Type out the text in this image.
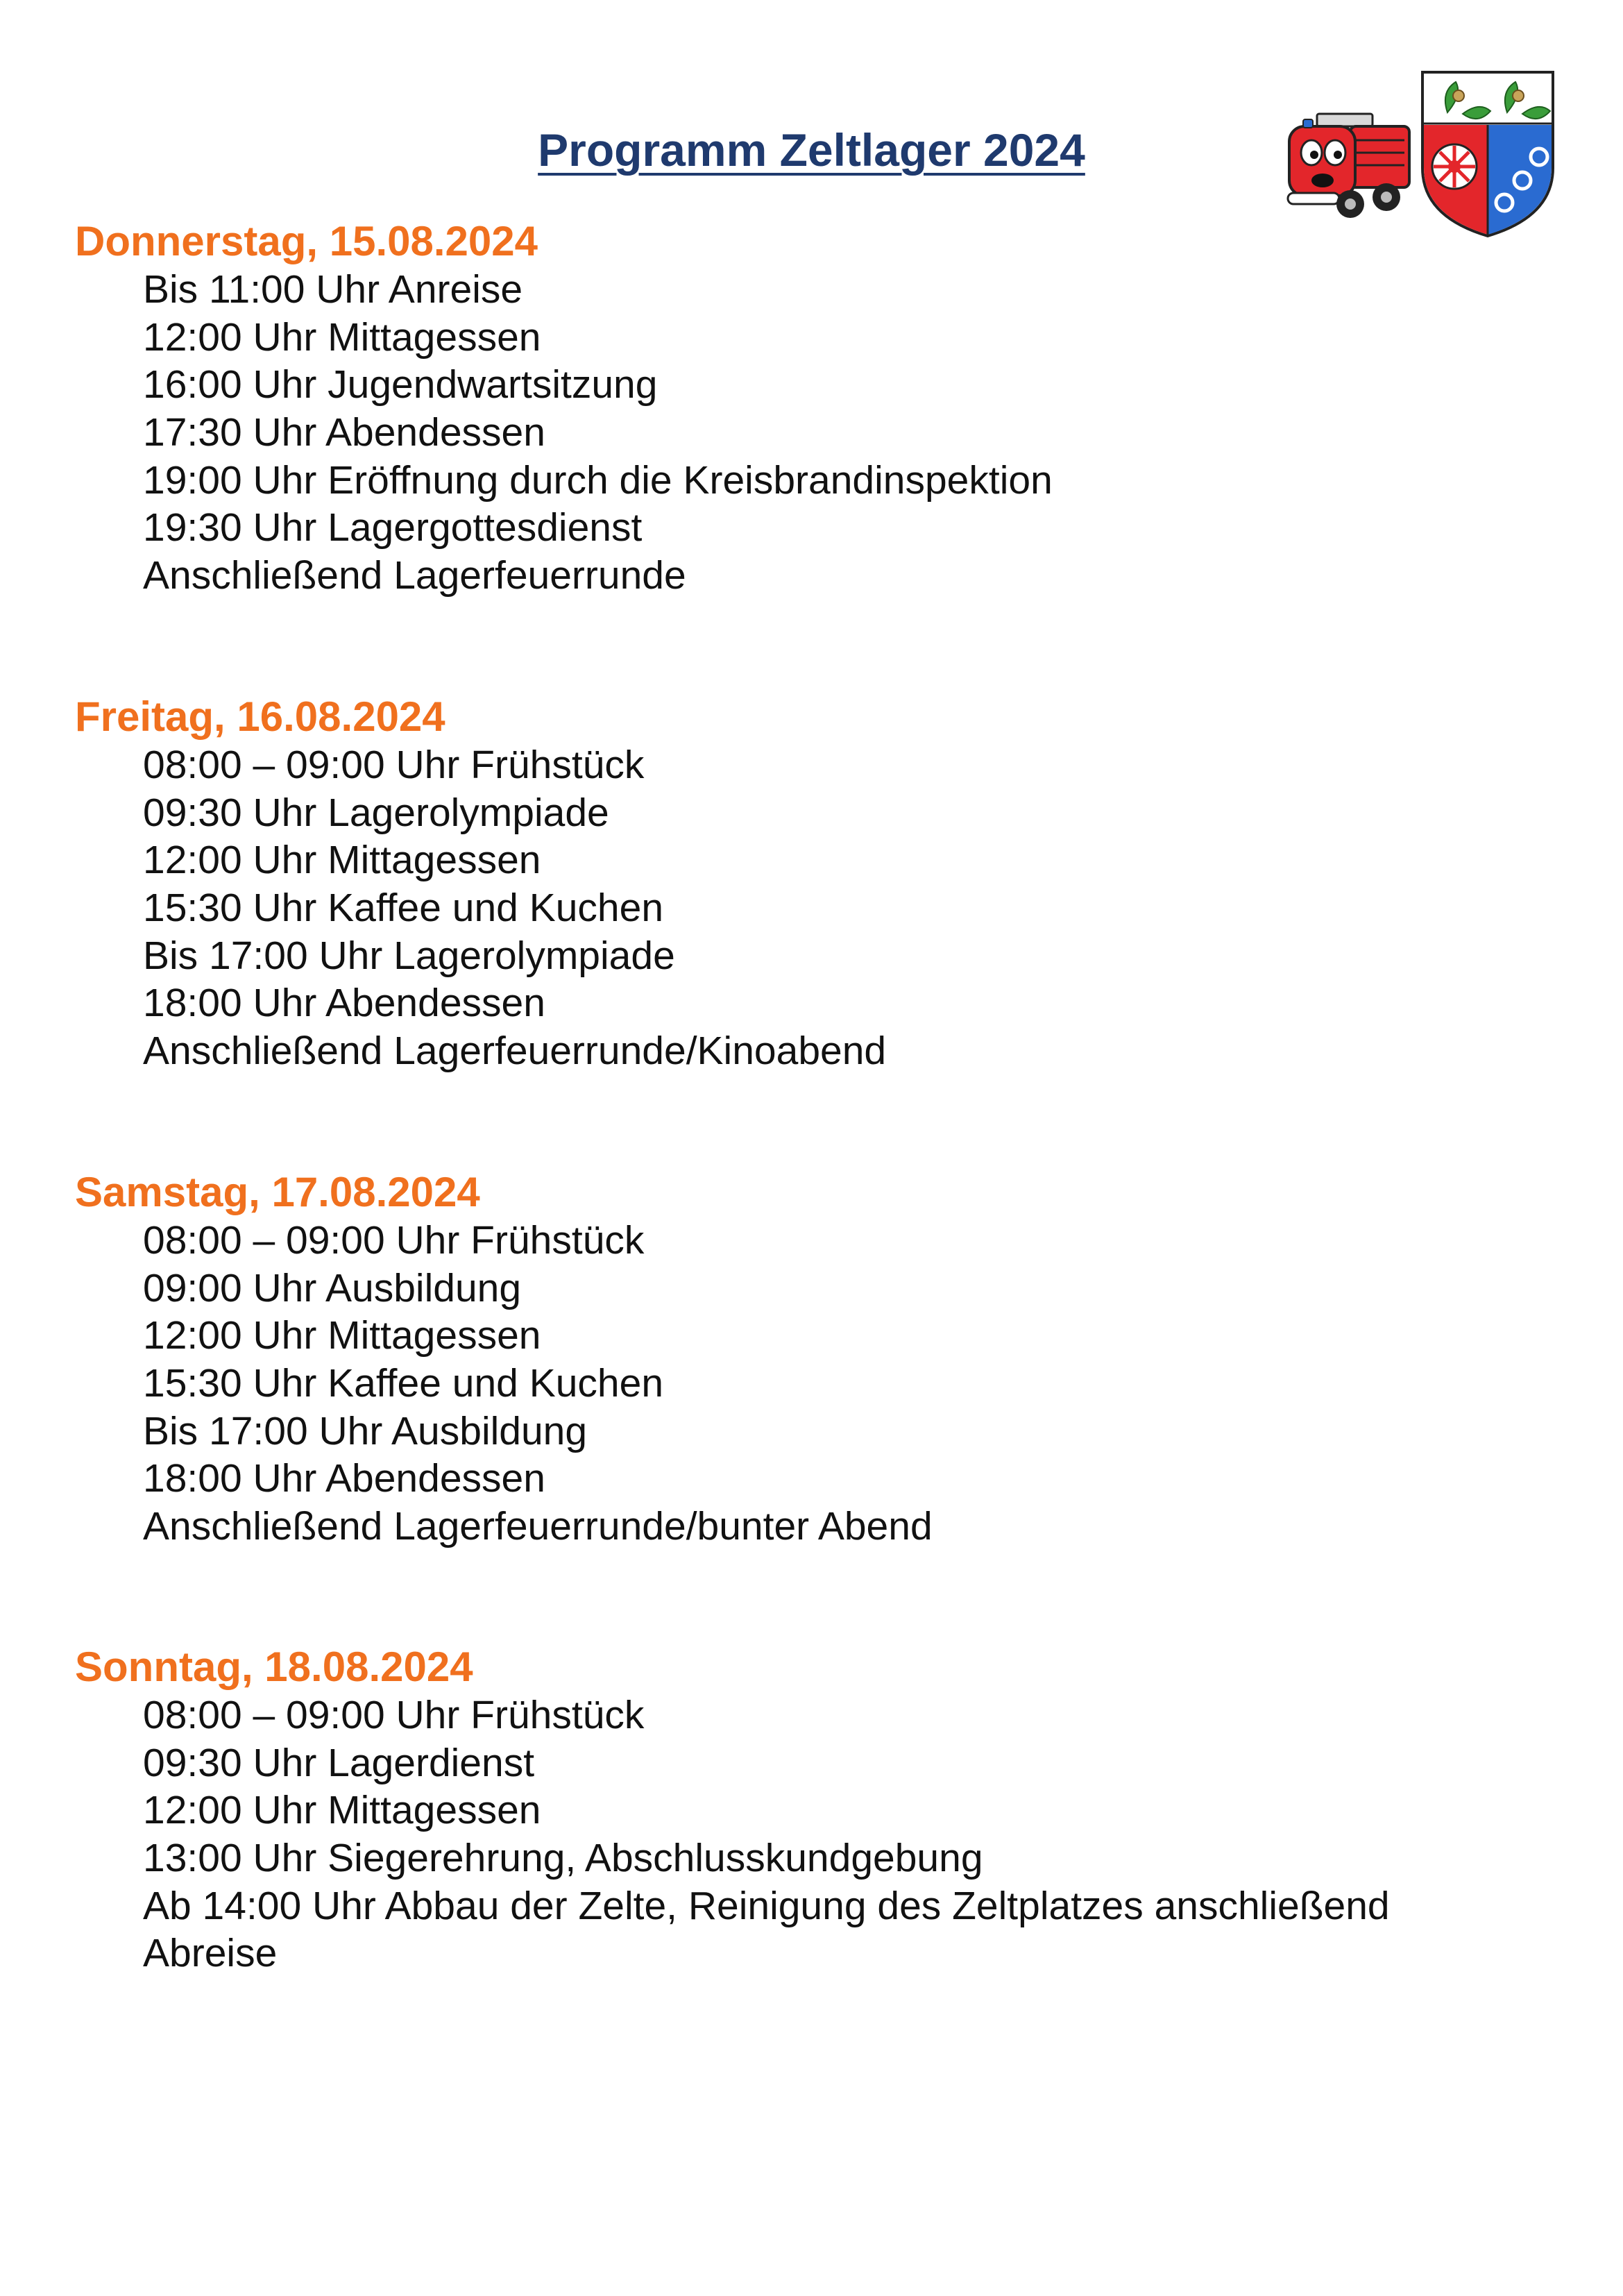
Programm Zeltlager 2024
Donnerstag, 15.08.2024
Bis 11:00 Uhr Anreise
12:00 Uhr Mittagessen
16:00 Uhr Jugendwartsitzung
17:30 Uhr Abendessen
19:00 Uhr Eröffnung durch die Kreisbrandinspektion
19:30 Uhr Lagergottesdienst
Anschließend Lagerfeuerrunde
Freitag, 16.08.2024
08:00 – 09:00 Uhr Frühstück
09:30 Uhr Lagerolympiade
12:00 Uhr Mittagessen
15:30 Uhr Kaffee und Kuchen
Bis 17:00 Uhr Lagerolympiade
18:00 Uhr Abendessen
Anschließend Lagerfeuerrunde/Kinoabend
Samstag, 17.08.2024
08:00 – 09:00 Uhr Frühstück
09:00 Uhr Ausbildung
12:00 Uhr Mittagessen
15:30 Uhr Kaffee und Kuchen
Bis 17:00 Uhr Ausbildung
18:00 Uhr Abendessen
Anschließend Lagerfeuerrunde/bunter Abend
Sonntag, 18.08.2024
08:00 – 09:00 Uhr Frühstück
09:30 Uhr Lagerdienst
12:00 Uhr Mittagessen
13:00 Uhr Siegerehrung, Abschlusskundgebung
Ab 14:00 Uhr Abbau der Zelte, Reinigung des Zeltplatzes anschließend
Abreise
